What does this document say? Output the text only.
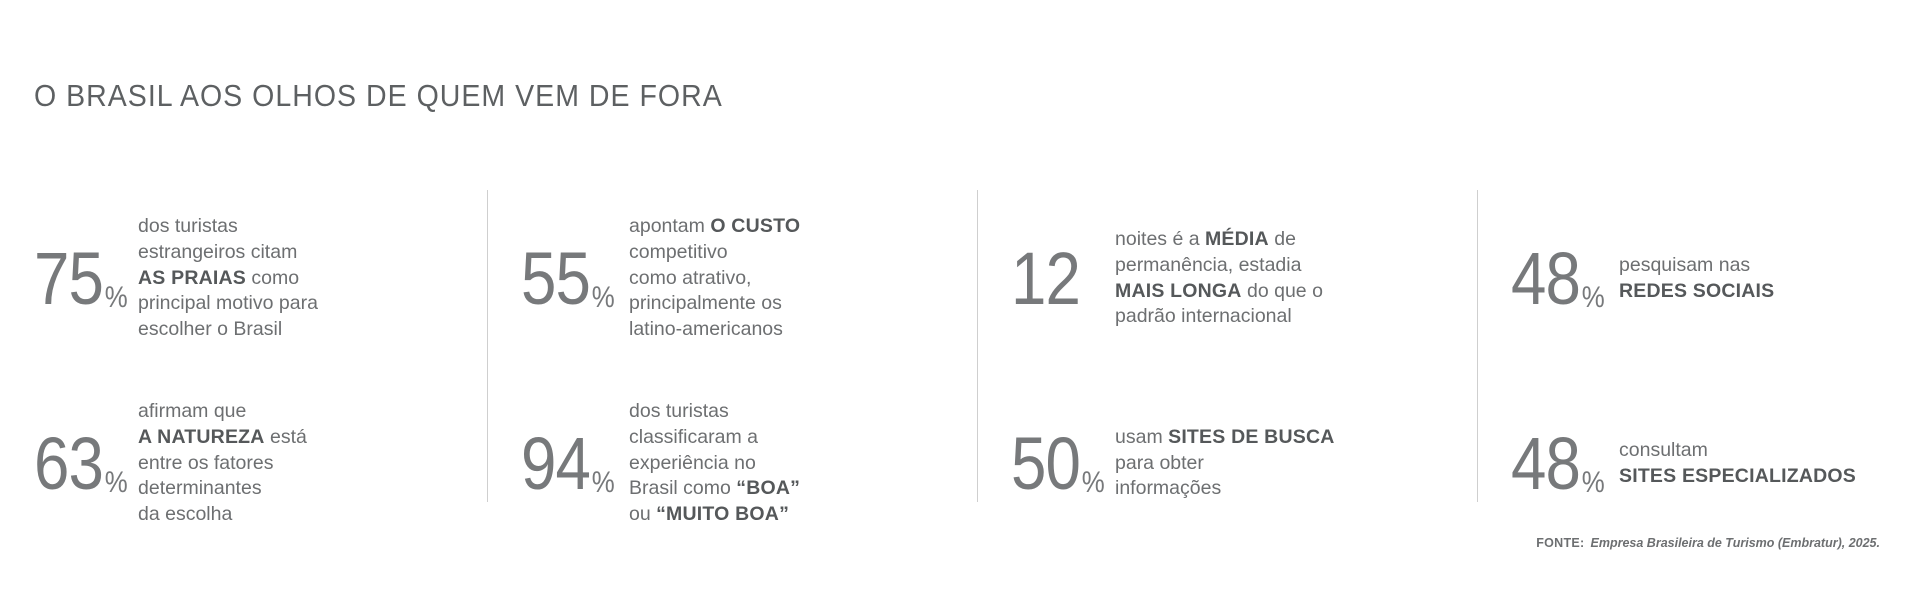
O BRASIL AOS OLHOS DE QUEM VEM DE FORA
75 %
dos turistas
estrangeiros citam
AS PRAIAS como
principal motivo para
escolher o Brasil
55 %
apontam O CUSTO
competitivo
como atrativo,
principalmente os
latino-americanos
12 noites é a MÉDIA de
permanência, estadia
MAIS LONGA do que o
padrão internacional	48 %
pesquisam nas
REDES SOCIAIS
63 %
afirmam que
A NATUREZA está
entre os fatores
determinantes
da escolha
94 %
dos turistas
classificaram a
experiência no
Brasil como “BOA”
ou “MUITO BOA”
50 %
usam SITES DE BUSCA
para obter
informações	48 %
consultam
SITES ESPECIALIZADOS
FONTE: Empresa Brasileira de Turismo (Embratur), 2025.
